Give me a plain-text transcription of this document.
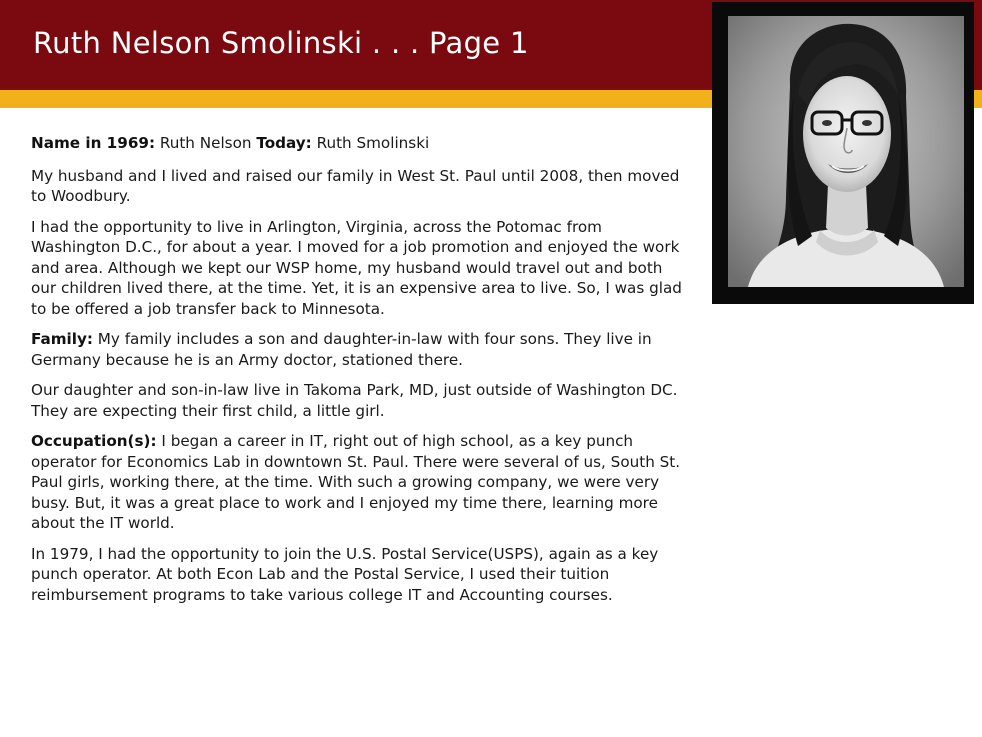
Ruth Nelson Smolinski . . . Page 1

Name in 1969: Ruth Nelson Today: Ruth Smolinski

My husband and I lived and raised our family in West St. Paul until 2008, then moved to Woodbury.

I had the opportunity to live in Arlington, Virginia, across the Potomac from Washington D.C., for about a year. I moved for a job promotion and enjoyed the work and area. Although we kept our WSP home, my husband would travel out and both our children lived there, at the time. Yet, it is an expensive area to live. So, I was glad to be offered a job transfer back to Minnesota.

Family: My family includes a son and daughter-in-law with four sons. They live in Germany because he is an Army doctor, stationed there.

Our daughter and son-in-law live in Takoma Park, MD, just outside of Washington DC. They are expecting their first child, a little girl.

Occupation(s): I began a career in IT, right out of high school, as a key punch operator for Economics Lab in downtown St. Paul. There were several of us, South St. Paul girls, working there, at the time. With such a growing company, we were very busy. But, it was a great place to work and I enjoyed my time there, learning more about the IT world.

In 1979, I had the opportunity to join the U.S. Postal Service(USPS), again as a key punch operator. At both Econ Lab and the Postal Service, I used their tuition reimbursement programs to take various college IT and Accounting courses.
